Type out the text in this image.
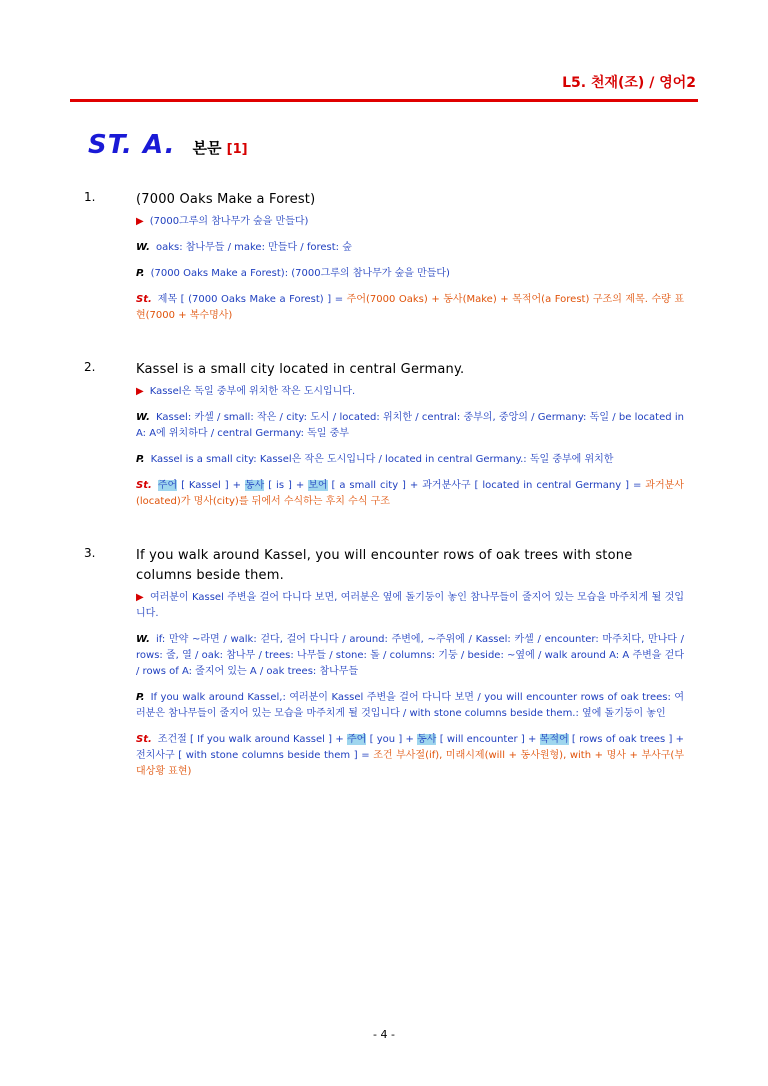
L5. 천재(조) / 영어2
ST. A. 본문 [1]
1.	(7000 Oaks Make a Forest)
▶ (7000그루의 참나무가 숲을 만들다)
W. oaks: 참나무들 / make: 만들다 / forest: 숲
P. (7000 Oaks Make a Forest): (7000그루의 참나무가 숲을 만들다)
St. 제목 [ (7000 Oaks Make a Forest) ] = 주어(7000 Oaks) + 동사(Make) + 목적어(a Forest) 구조의 제목. 수량 표현(7000 + 복수명사)
2.	Kassel is a small city located in central Germany.
▶ Kassel은 독일 중부에 위치한 작은 도시입니다.
W. Kassel: 카셀 / small: 작은 / city: 도시 / located: 위치한 / central: 중부의, 중앙의 / Germany: 독일 / be located in A: A에 위치하다 / central Germany: 독일 중부
P. Kassel is a small city: Kassel은 작은 도시입니다 / located in central Germany.: 독일 중부에 위치한
St. 주어 [ Kassel ] + 동사 [ is ] + 보어 [ a small city ] + 과거분사구 [ located in central Germany ] = 과거분사(located)가 명사(city)를 뒤에서 수식하는 후치 수식 구조
3.	If you walk around Kassel, you will encounter rows of oak trees with stone columns beside them.
▶ 여러분이 Kassel 주변을 걸어 다니다 보면, 여러분은 옆에 돌기둥이 놓인 참나무들이 줄지어 있는 모습을 마주치게 될 것입니다.
W. if: 만약 ~라면 / walk: 걷다, 걸어 다니다 / around: 주변에, ~주위에 / Kassel: 카셀 / encounter: 마주치다, 만나다 / rows: 줄, 열 / oak: 참나무 / trees: 나무들 / stone: 돌 / columns: 기둥 / beside: ~옆에 / walk around A: A 주변을 걷다 / rows of A: 줄지어 있는 A / oak trees: 참나무들
P. If you walk around Kassel,: 여러분이 Kassel 주변을 걸어 다니다 보면 / you will encounter rows of oak trees: 여러분은 참나무들이 줄지어 있는 모습을 마주치게 될 것입니다 / with stone columns beside them.: 옆에 돌기둥이 놓인
St. 조건절 [ If you walk around Kassel ] + 주어 [ you ] + 동사 [ will encounter ] + 목적어 [ rows of oak trees ] + 전치사구 [ with stone columns beside them ] = 조건 부사절(if), 미래시제(will + 동사원형), with + 명사 + 부사구(부대상황 표현)
- 4 -
